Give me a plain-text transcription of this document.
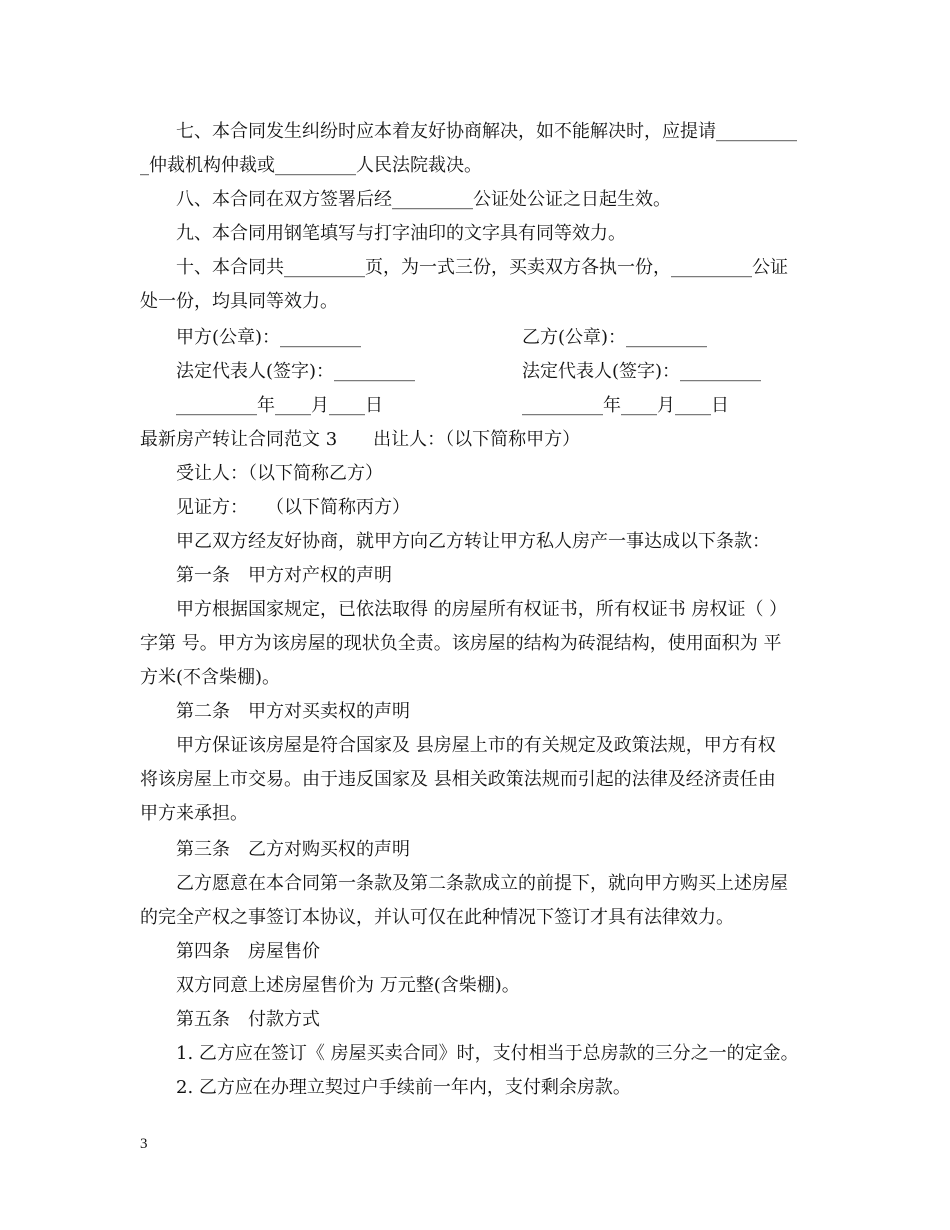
七、本合同发生纠纷时应本着友好协商解决，如不能解决时，应提请_________
_仲裁机构仲裁或_________人民法院裁决。
八、本合同在双方签署后经_________公证处公证之日起生效。
九、本合同用钢笔填写与打字油印的文字具有同等效力。
十、本合同共_________页，为一式三份，买卖双方各执一份，_________公证
处一份，均具同等效力。
甲方(公章)：_________	乙方(公章)：_________
法定代表人(签字)：_________	法定代表人(签字)：_________
_________年____月____日	_________年____月____日
最新房产转让合同范文 3　　出让人：（以下简称甲方）
受让人：（以下简称乙方）
见证方：　　（以下简称丙方）
甲乙双方经友好协商，就甲方向乙方转让甲方私人房产一事达成以下条款：
第一条　甲方对产权的声明
甲方根据国家规定，已依法取得 的房屋所有权证书，所有权证书 房权证（ ）
字第 号。甲方为该房屋的现状负全责。该房屋的结构为砖混结构，使用面积为 平
方米(不含柴棚)。
第二条　甲方对买卖权的声明
甲方保证该房屋是符合国家及 县房屋上市的有关规定及政策法规，甲方有权
将该房屋上市交易。由于违反国家及 县相关政策法规而引起的法律及经济责任由
甲方来承担。
第三条　乙方对购买权的声明
乙方愿意在本合同第一条款及第二条款成立的前提下，就向甲方购买上述房屋
的完全产权之事签订本协议，并认可仅在此种情况下签订才具有法律效力。
第四条　房屋售价
双方同意上述房屋售价为 万元整(含柴棚)。
第五条　付款方式
1. 乙方应在签订《 房屋买卖合同》时，支付相当于总房款的三分之一的定金。
2. 乙方应在办理立契过户手续前一年内，支付剩余房款。
3
